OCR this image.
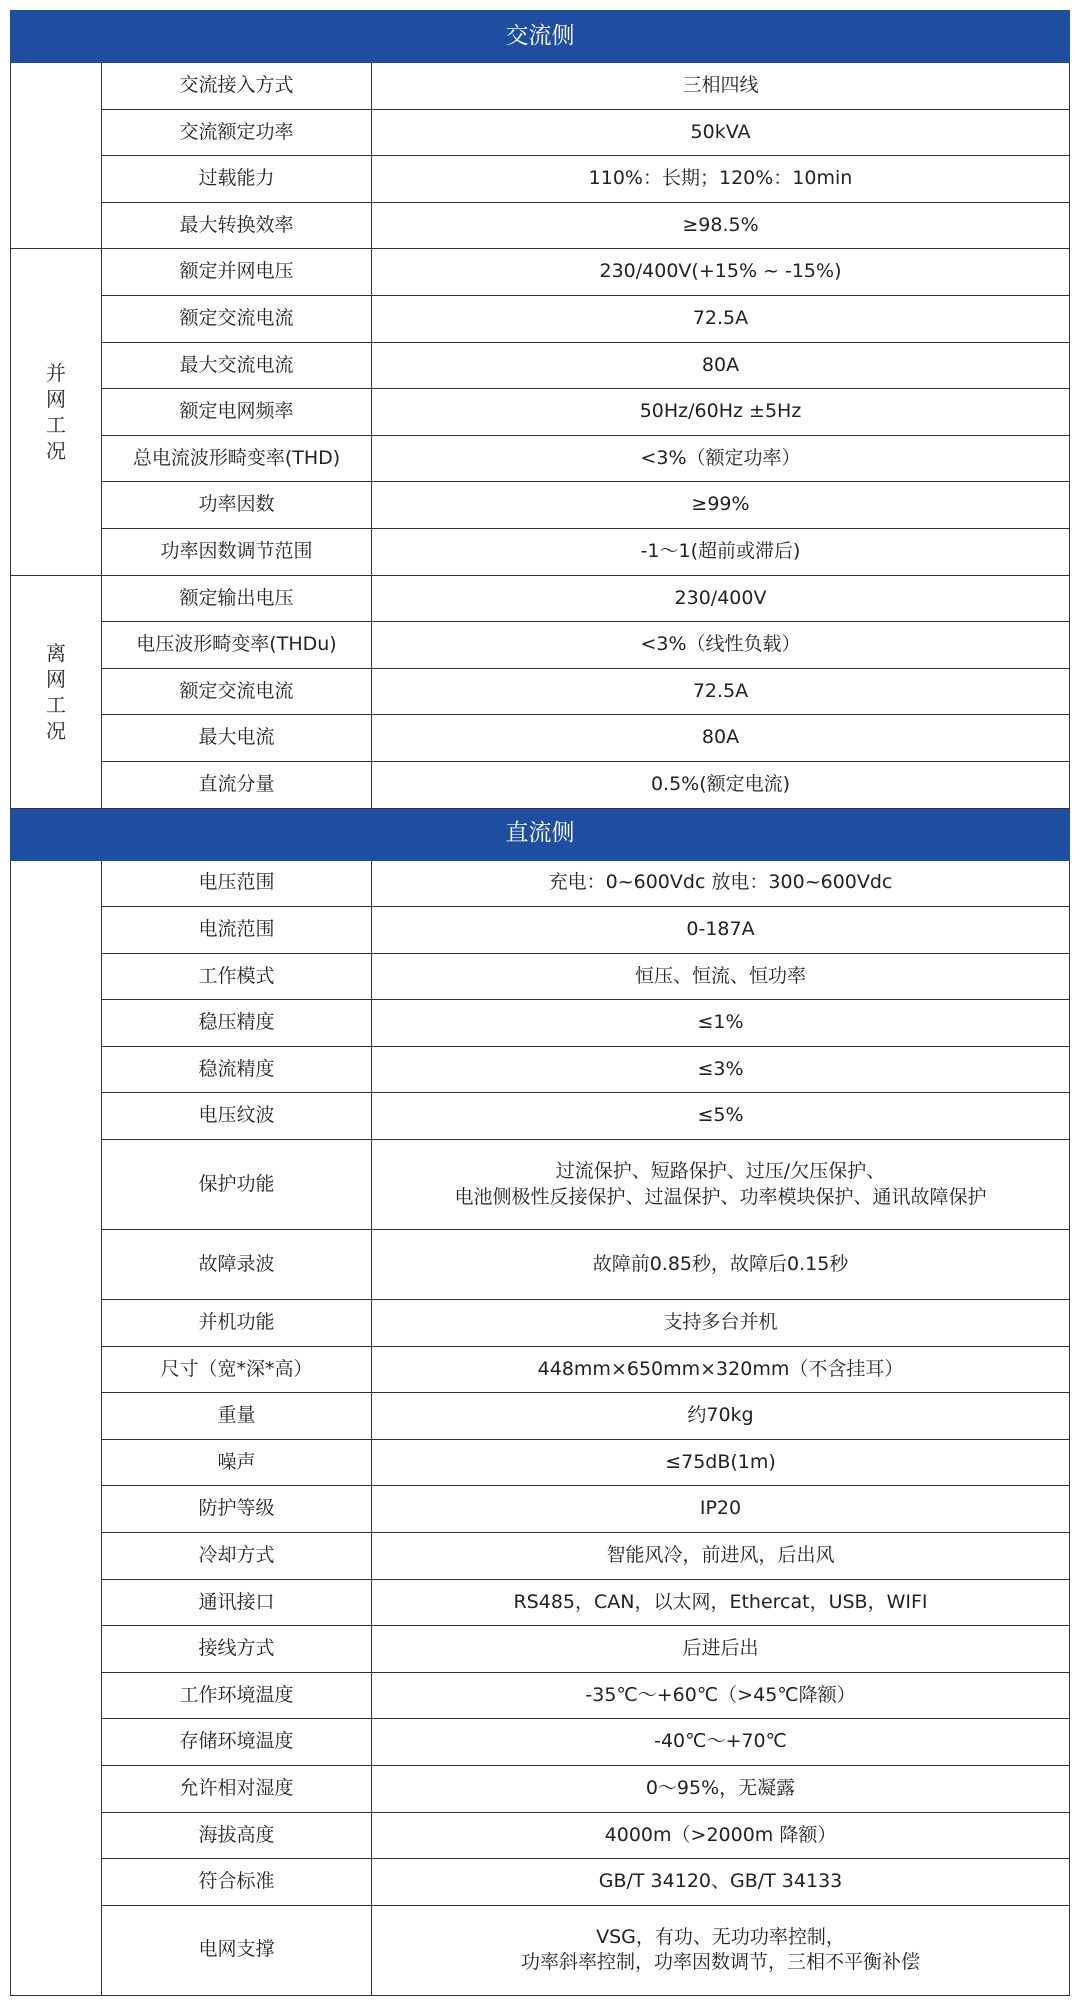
交流侧		
	交流接入方式	三相四线
	交流额定功率	50kVA
	过载能力	110%：长期；120%：10min
	最大转换效率	≥98.5%
并
网
工
况	额定并网电压	230/400V(+15% ~ -15%)
	额定交流电流	72.5A
	最大交流电流	80A
	额定电网频率	50Hz/60Hz ±5Hz
	总电流波形畸变率(THD)	<3%（额定功率）
	功率因数	≥99%
	功率因数调节范围	-1～1(超前或滞后)
离
网
工
况	额定输出电压	230/400V
	电压波形畸变率(THDu)	<3%（线性负载）
	额定交流电流	72.5A
	最大电流	80A
	直流分量	0.5%(额定电流)
直流侧		
	电压范围	充电：0~600Vdc 放电：300~600Vdc
	电流范围	0-187A
	工作模式	恒压、恒流、恒功率
	稳压精度	≤1%
	稳流精度	≤3%
	电压纹波	≤5%
	保护功能	过流保护、短路保护、过压/欠压保护、
电池侧极性反接保护、过温保护、功率模块保护、通讯故障保护
	故障录波	故障前0.85秒，故障后0.15秒
	并机功能	支持多台并机
	尺寸（宽*深*高）	448mm×650mm×320mm（不含挂耳）
	重量	约70kg
	噪声	≤75dB(1m)
	防护等级	IP20
	冷却方式	智能风冷，前进风，后出风
	通讯接口	RS485，CAN，以太网，Ethercat，USB，WIFI
	接线方式	后进后出
	工作环境温度	-35℃～+60℃（>45℃降额）
	存储环境温度	-40℃～+70℃
	允许相对湿度	0～95%，无凝露
	海拔高度	4000m（>2000m 降额）
	符合标准	GB/T 34120、GB/T 34133
	电网支撑	VSG，有功、无功功率控制，
功率斜率控制，功率因数调节，三相不平衡补偿
